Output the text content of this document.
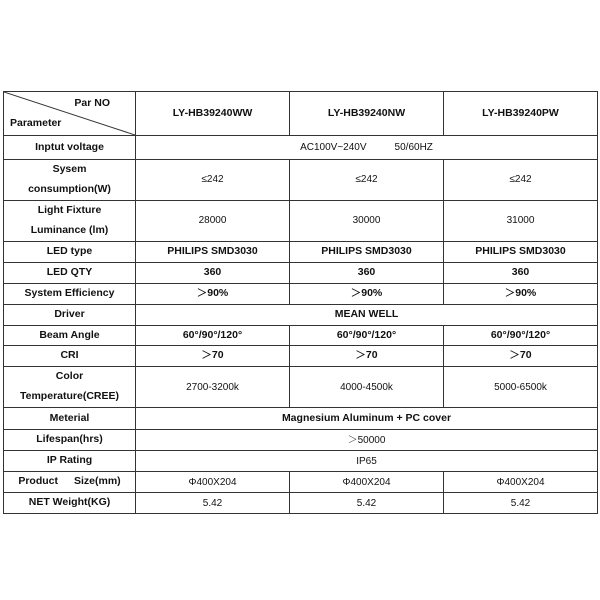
Par NO
Parameter	LY-HB39240WW	LY-HB39240NW	LY-HB39240PW
Inptut voltage	AC100V~240V 50/60HZ		
Sysem
consumption(W)	≤242	≤242	≤242
Light Fixture
Luminance (lm)	28000	30000	31000
LED type	PHILIPS SMD3030	PHILIPS SMD3030	PHILIPS SMD3030
LED QTY	360	360	360
System Efficiency	＞90%	＞90%	＞90%
Driver	MEAN WELL		
Beam Angle	60°/90°/120°	60°/90°/120°	60°/90°/120°
CRI	＞70	＞70	＞70
Color
Temperature(CREE)	2700-3200k	4000-4500k	5000-6500k
Meterial	Magnesium Aluminum + PC cover		
Lifespan(hrs)	＞50000		
IP Rating	IP65		
Product Size(mm)	Φ400X204	Φ400X204	Φ400X204
NET Weight(KG)	5.42	5.42	5.42
